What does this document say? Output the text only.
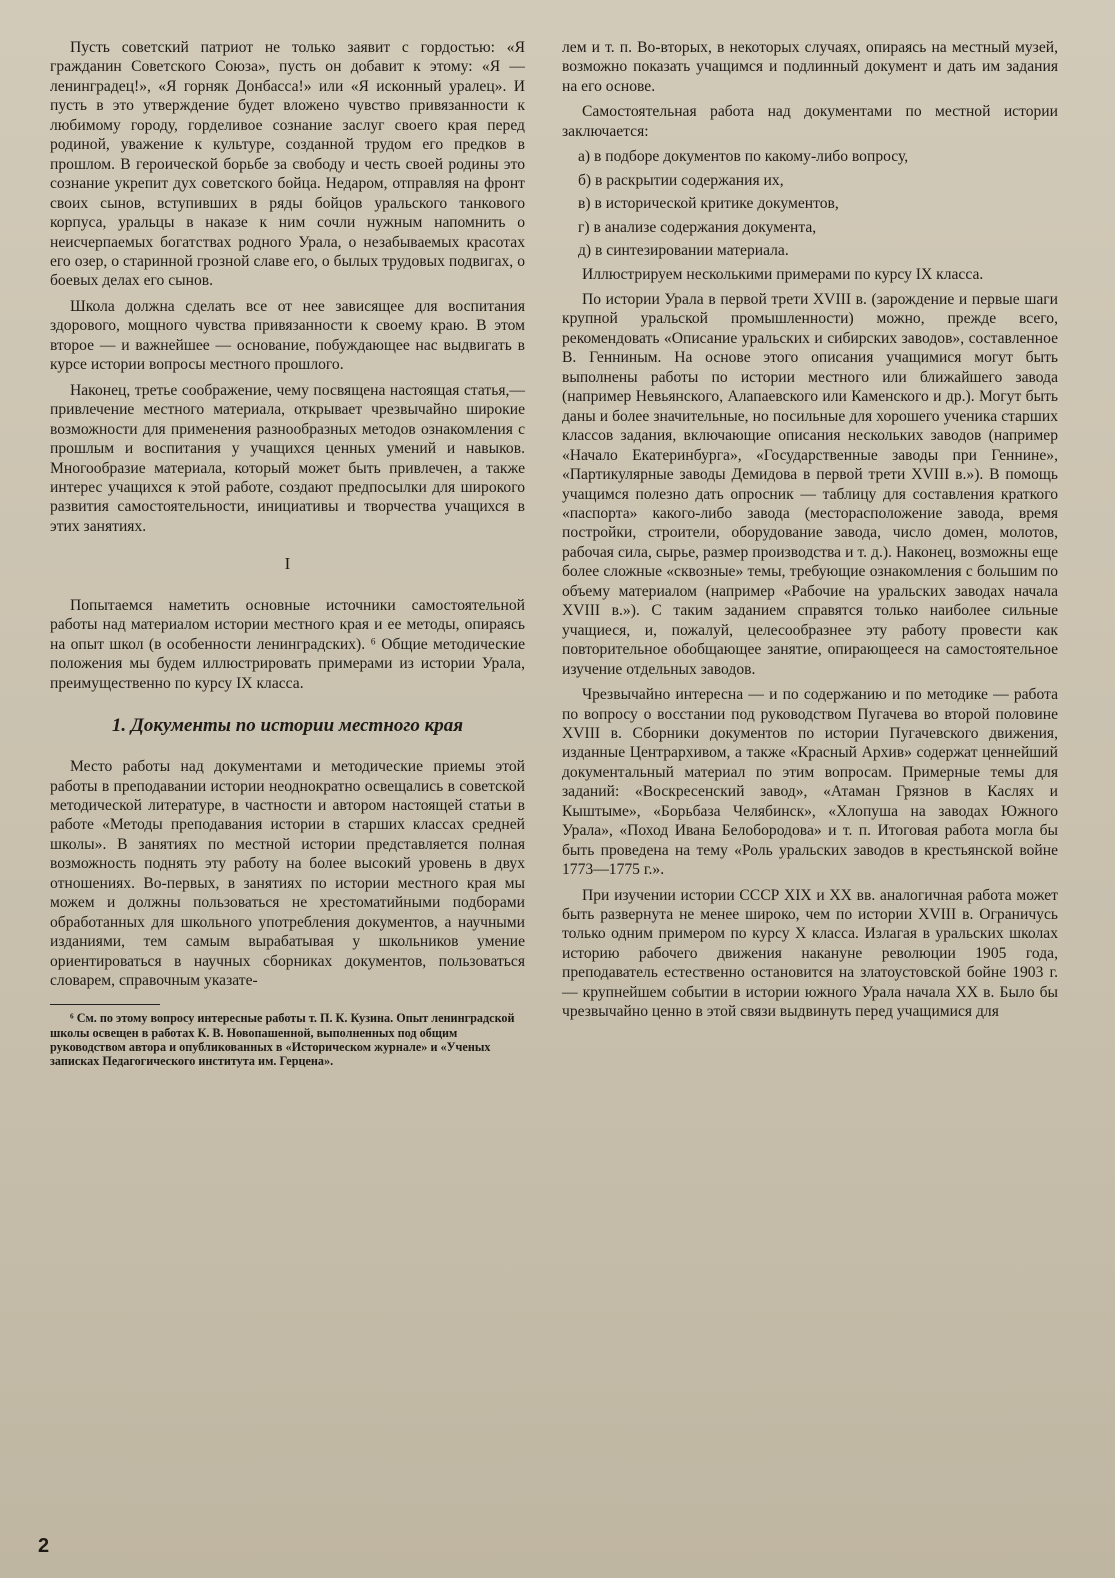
Пусть советский патриот не только заявит с гордостью: «Я гражданин Советского Союза», пусть он добавит к этому: «Я — ленинградец!», «Я горняк Донбасса!» или «Я исконный уралец». И пусть в это утверждение будет вложено чувство привязанности к любимому городу, горделивое сознание заслуг своего края перед родиной, уважение к культуре, созданной трудом его предков в прошлом. В героической борьбе за свободу и честь своей родины это сознание укрепит дух советского бойца. Недаром, отправляя на фронт своих сынов, вступивших в ряды бойцов уральского танкового корпуса, уральцы в наказе к ним сочли нужным напомнить о неисчерпаемых богатствах родного Урала, о незабываемых красотах его озер, о старинной грозной славе его, о былых трудовых подвигах, о боевых делах его сынов.

Школа должна сделать все от нее зависящее для воспитания здорового, мощного чувства привязанности к своему краю. В этом второе — и важнейшее — основание, побуждающее нас выдвигать в курсе истории вопросы местного прошлого.

Наконец, третье соображение, чему посвящена настоящая статья,— привлечение местного материала, открывает чрезвычайно широкие возможности для применения разнообразных методов ознакомления с прошлым и воспитания у учащихся ценных умений и навыков. Многообразие материала, который может быть привлечен, а также интерес учащихся к этой работе, создают предпосылки для широкого развития самостоятельности, инициативы и творчества учащихся в этих занятиях.

I

Попытаемся наметить основные источники самостоятельной работы над материалом истории местного края и ее методы, опираясь на опыт школ (в особенности ленинградских). ⁶ Общие методические положения мы будем иллюстрировать примерами из истории Урала, преимущественно по курсу IX класса.

1. Документы по истории местного края

Место работы над документами и методические приемы этой работы в преподавании истории неоднократно освещались в советской методической литературе, в частности и автором настоящей статьи в работе «Методы преподавания истории в старших классах средней школы». В занятиях по местной истории представляется полная возможность поднять эту работу на более высокий уровень в двух отношениях. Во-первых, в занятиях по истории местного края мы можем и должны пользоваться не хрестоматийными подборами обработанных для школьного употребления документов, а научными изданиями, тем самым вырабатывая у школьников умение ориентироваться в научных сборниках документов, пользоваться словарем, справочным указате-

⁶ См. по этому вопросу интересные работы т. П. К. Кузина. Опыт ленинградской школы освещен в работах К. В. Новопашенной, выполненных под общим руководством автора и опубликованных в «Историческом журнале» и «Ученых записках Педагогического института им. Герцена».

лем и т. п. Во-вторых, в некоторых случаях, опираясь на местный музей, возможно показать учащимся и подлинный документ и дать им задания на его основе.

Самостоятельная работа над документами по местной истории заключается:

а) в подборе документов по какому-либо вопросу,
б) в раскрытии содержания их,
в) в исторической критике документов,
г) в анализе содержания документа,
д) в синтезировании материала.

Иллюстрируем несколькими примерами по курсу IX класса.

По истории Урала в первой трети XVIII в. (зарождение и первые шаги крупной уральской промышленности) можно, прежде всего, рекомендовать «Описание уральских и сибирских заводов», составленное В. Генниным. На основе этого описания учащимися могут быть выполнены работы по истории местного или ближайшего завода (например Невьянского, Алапаевского или Каменского и др.). Могут быть даны и более значительные, но посильные для хорошего ученика старших классов задания, включающие описания нескольких заводов (например «Начало Екатеринбурга», «Государственные заводы при Геннине», «Партикулярные заводы Демидова в первой трети XVIII в.»). В помощь учащимся полезно дать опросник — таблицу для составления краткого «паспорта» какого-либо завода (месторасположение завода, время постройки, строители, оборудование завода, число домен, молотов, рабочая сила, сырье, размер производства и т. д.). Наконец, возможны еще более сложные «сквозные» темы, требующие ознакомления с большим по объему материалом (например «Рабочие на уральских заводах начала XVIII в.»). С таким заданием справятся только наиболее сильные учащиеся, и, пожалуй, целесообразнее эту работу провести как повторительное обобщающее занятие, опирающееся на самостоятельное изучение отдельных заводов.

Чрезвычайно интересна — и по содержанию и по методике — работа по вопросу о восстании под руководством Пугачева во второй половине XVIII в. Сборники документов по истории Пугачевского движения, изданные Центрархивом, а также «Красный Архив» содержат ценнейший документальный материал по этим вопросам. Примерные темы для заданий: «Воскресенский завод», «Атаман Грязнов в Каслях и Кыштыме», «Борьбаза Челябинск», «Хлопуша на заводах Южного Урала», «Поход Ивана Белобородова» и т. п. Итоговая работа могла бы быть проведена на тему «Роль уральских заводов в крестьянской войне 1773—1775 г.».

При изучении истории СССР XIX и XX вв. аналогичная работа может быть развернута не менее широко, чем по истории XVIII в. Ограничусь только одним примером по курсу X класса. Излагая в уральских школах историю рабочего движения накануне революции 1905 года, преподаватель естественно остановится на златоустовской бойне 1903 г.— крупнейшем событии в истории южного Урала начала XX в. Было бы чрезвычайно ценно в этой связи выдвинуть перед учащимися для

2
